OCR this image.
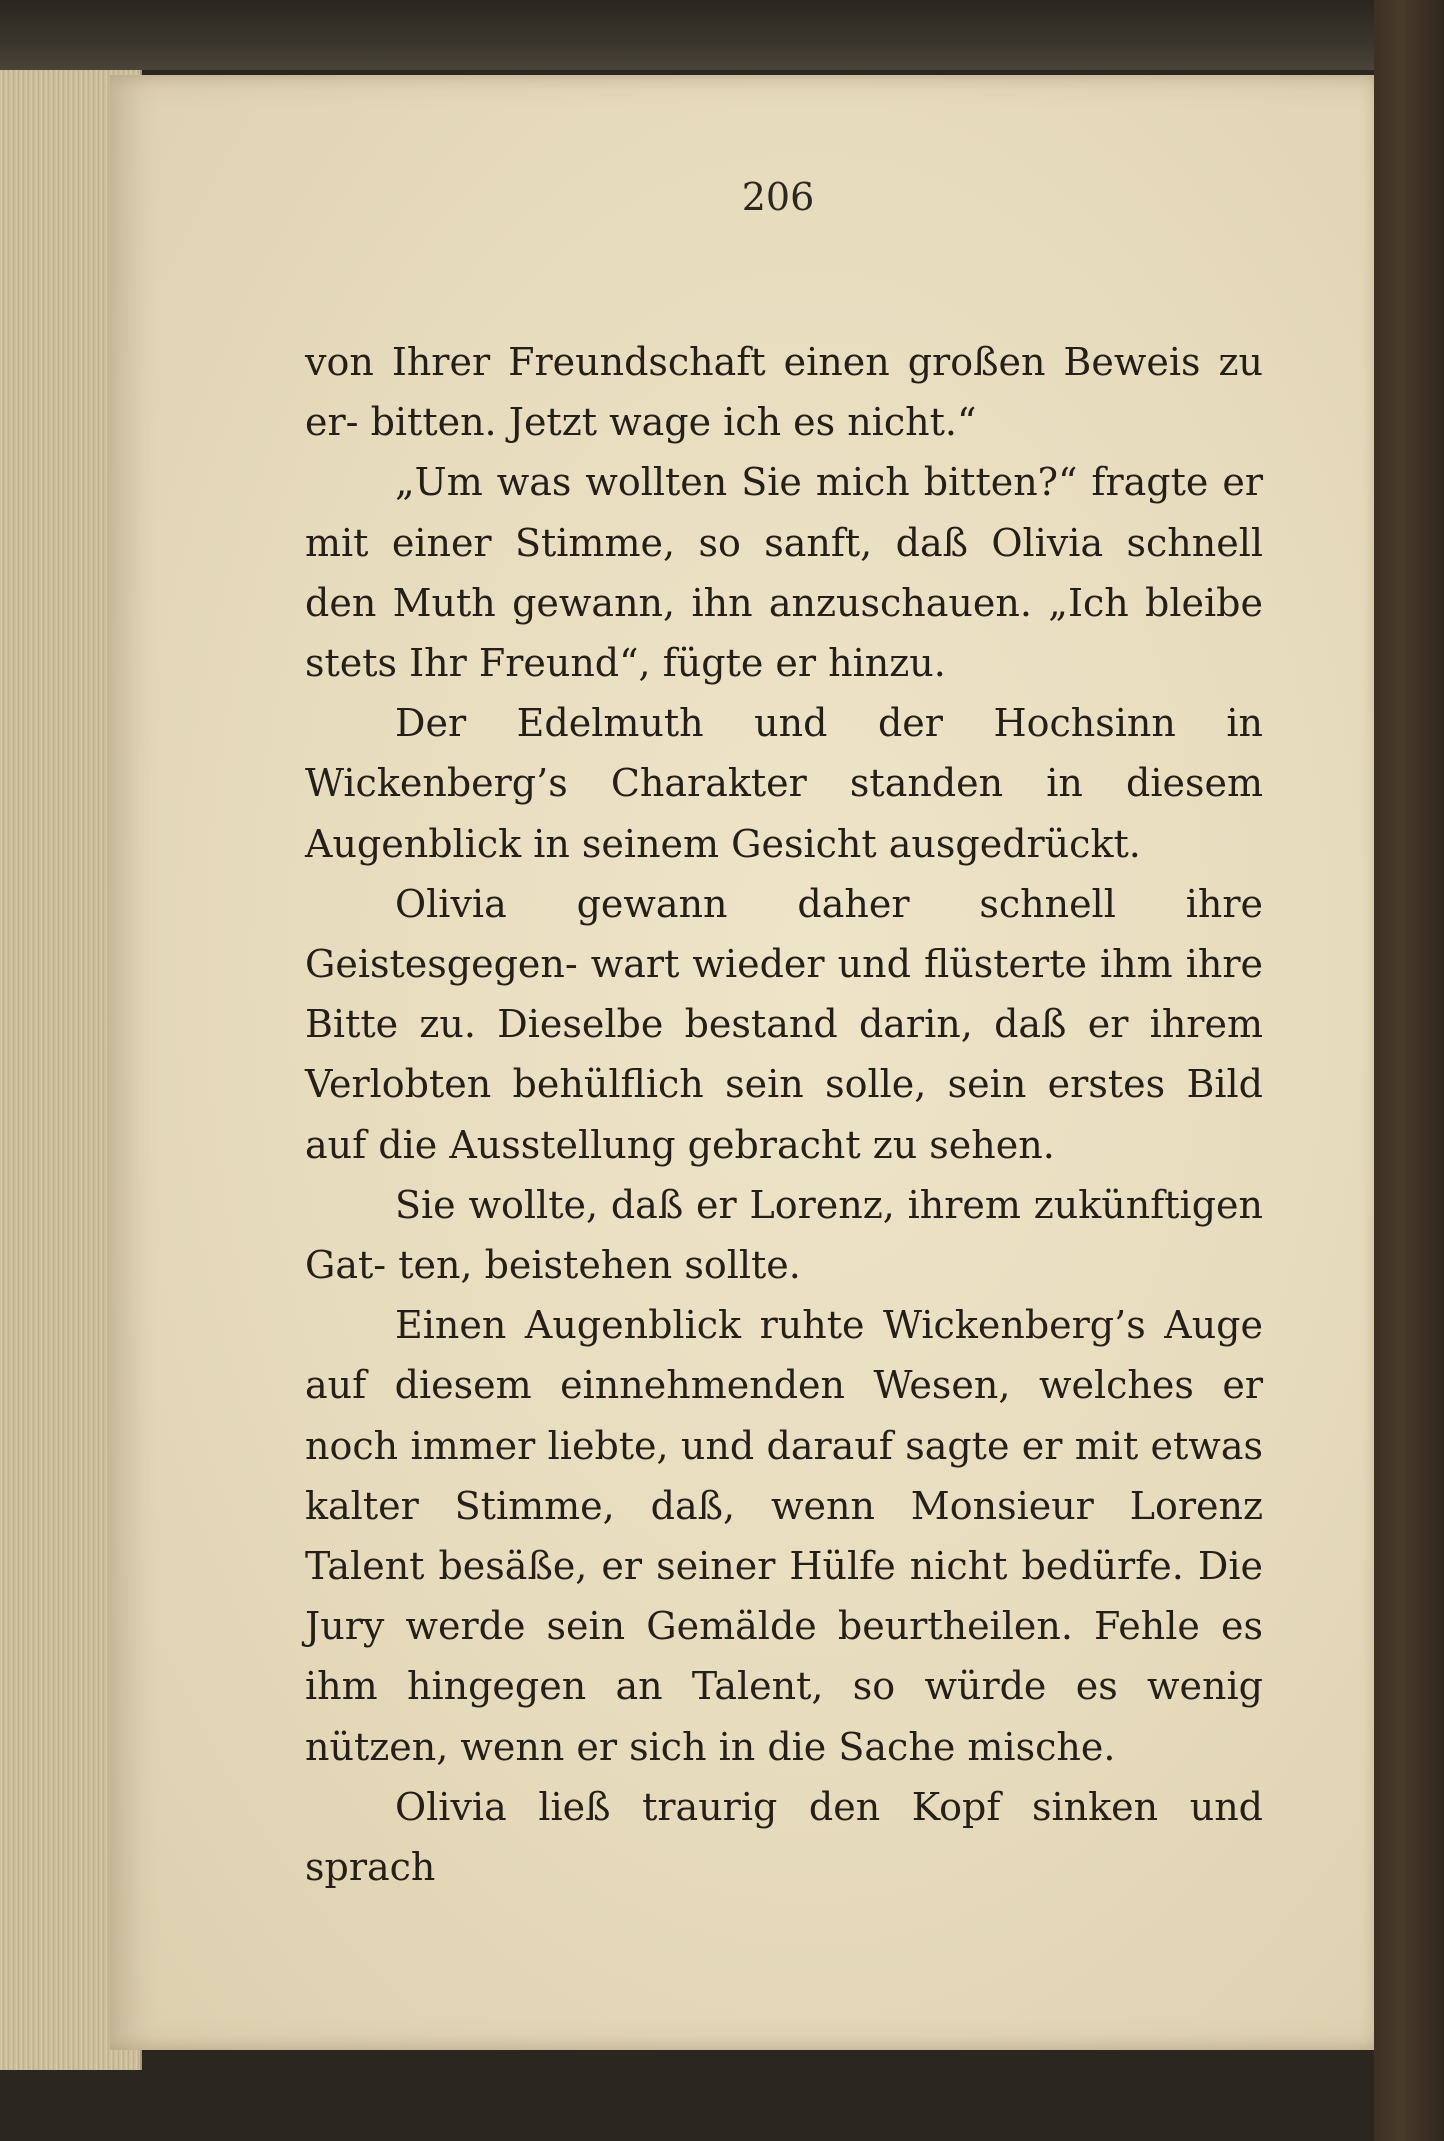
206

von Ihrer Freundschaft einen großen Beweis zu er- bitten. Jetzt wage ich es nicht.“

„Um was wollten Sie mich bitten?“ fragte er mit einer Stimme, so sanft, daß Olivia schnell den Muth gewann, ihn anzuschauen. „Ich bleibe stets Ihr Freund“, fügte er hinzu.

Der Edelmuth und der Hochsinn in Wickenberg’s Charakter standen in diesem Augenblick in seinem Gesicht ausgedrückt.

Olivia gewann daher schnell ihre Geistesgegen- wart wieder und flüsterte ihm ihre Bitte zu. Dieselbe bestand darin, daß er ihrem Verlobten behülflich sein solle, sein erstes Bild auf die Ausstellung gebracht zu sehen.

Sie wollte, daß er Lorenz, ihrem zukünftigen Gat- ten, beistehen sollte.

Einen Augenblick ruhte Wickenberg’s Auge auf diesem einnehmenden Wesen, welches er noch immer liebte, und darauf sagte er mit etwas kalter Stimme, daß, wenn Monsieur Lorenz Talent besäße, er seiner Hülfe nicht bedürfe. Die Jury werde sein Gemälde beurtheilen. Fehle es ihm hingegen an Talent, so würde es wenig nützen, wenn er sich in die Sache mische.

Olivia ließ traurig den Kopf sinken und sprach
